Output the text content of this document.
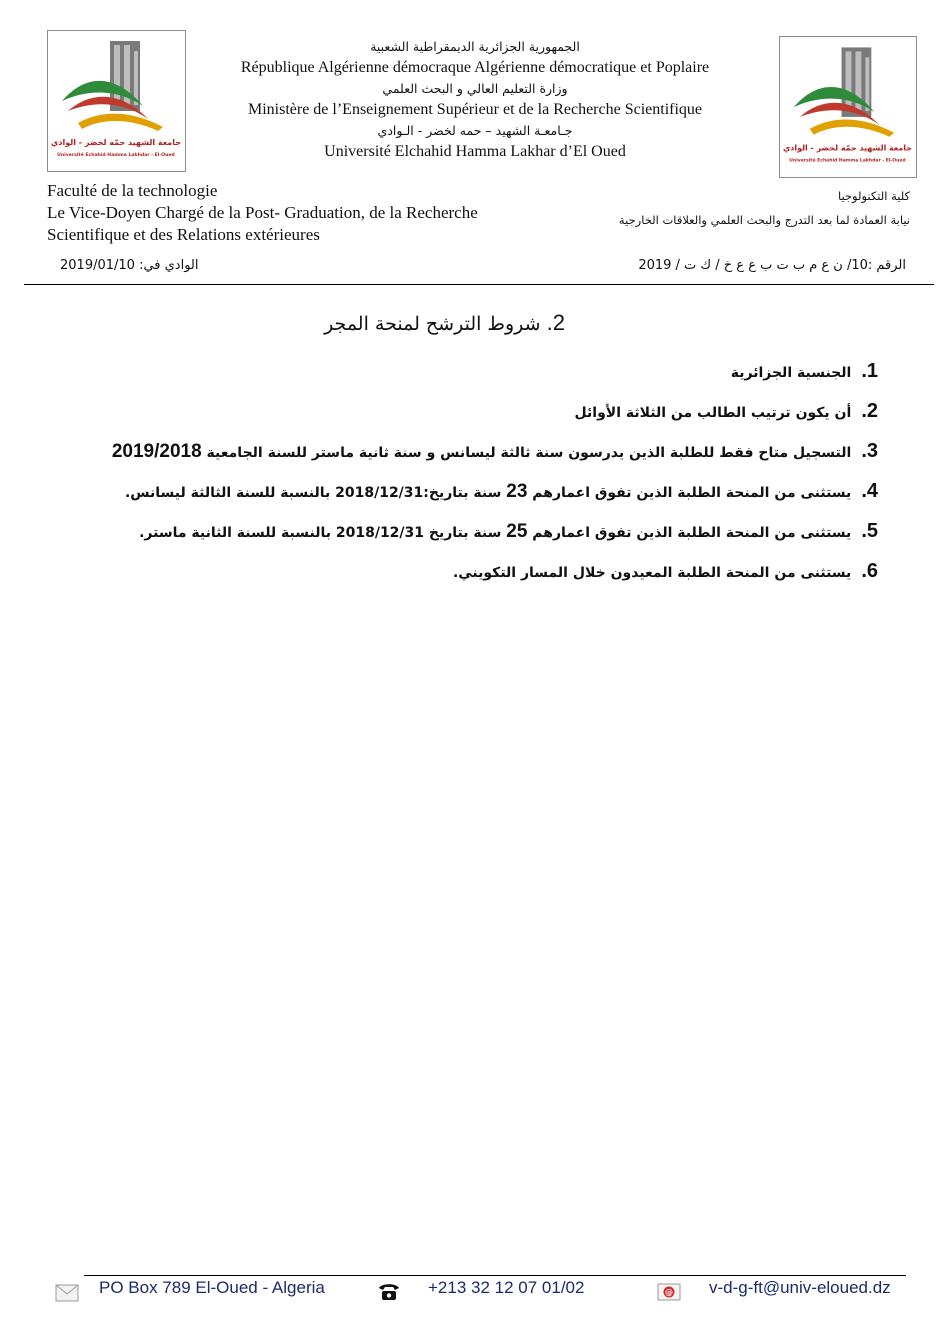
جامعة الشهيد حمّه لخضر - الوادي
Université Echahid Hamma Lakhdar - El-Oued
الجمهورية الجزائرية الديمقراطية الشعبية
République Algérienne démocraque Algérienne démocratique et Poplaire
وزارة التعليم العالي و البحث العلمي
Ministère de l’Enseignement Supérieur et de la Recherche Scientifique
جـامعـة الشهيد – حمه لخضر - الـوادي
Université Elchahid Hamma Lakhar d’El Oued	جامعة الشهيد حمّه لخضر - الوادي
Université Echahid Hamma Lakhdar - El-Oued
Faculté de la technologie
Le Vice-Doyen Chargé de la Post- Graduation, de la Recherche
Scientifique et des Relations extérieures
كلية التكنولوجيا
نيابة العمادة لما بعد التدرج والبحث العلمي والعلاقات الخارجية
الوادي في: 2019/01/10	الرقم :10/ ن ع م ب ت ب ع ع خ / ك ت / 2019
2. شروط الترشح لمنحة المجر
1.الجنسية الجزائرية
2.أن يكون ترتيب الطالب من الثلاثة الأوائل
3.التسجيل متاح فقط للطلبة الذين يدرسون سنة ثالثة ليسانس و سنة ثانية ماستر للسنة الجامعية 2019/2018
4.يستثنى من المنحة الطلبة الذين تفوق اعمارهم 23 سنة بتاريخ:2018/12/31 بالنسبة للسنة الثالثة ليسانس.
5.يستثنى من المنحة الطلبة الذين تفوق اعمارهم 25 سنة بتاريخ 2018/12/31 بالنسبة للسنة الثانية ماستر.
6.يستثنى من المنحة الطلبة المعيدون خلال المسار التكويني.
PO Box 789 El-Oued - Algeria	+213 32 12 07 01/02	@ v-d-g-ft@univ-eloued.dz
